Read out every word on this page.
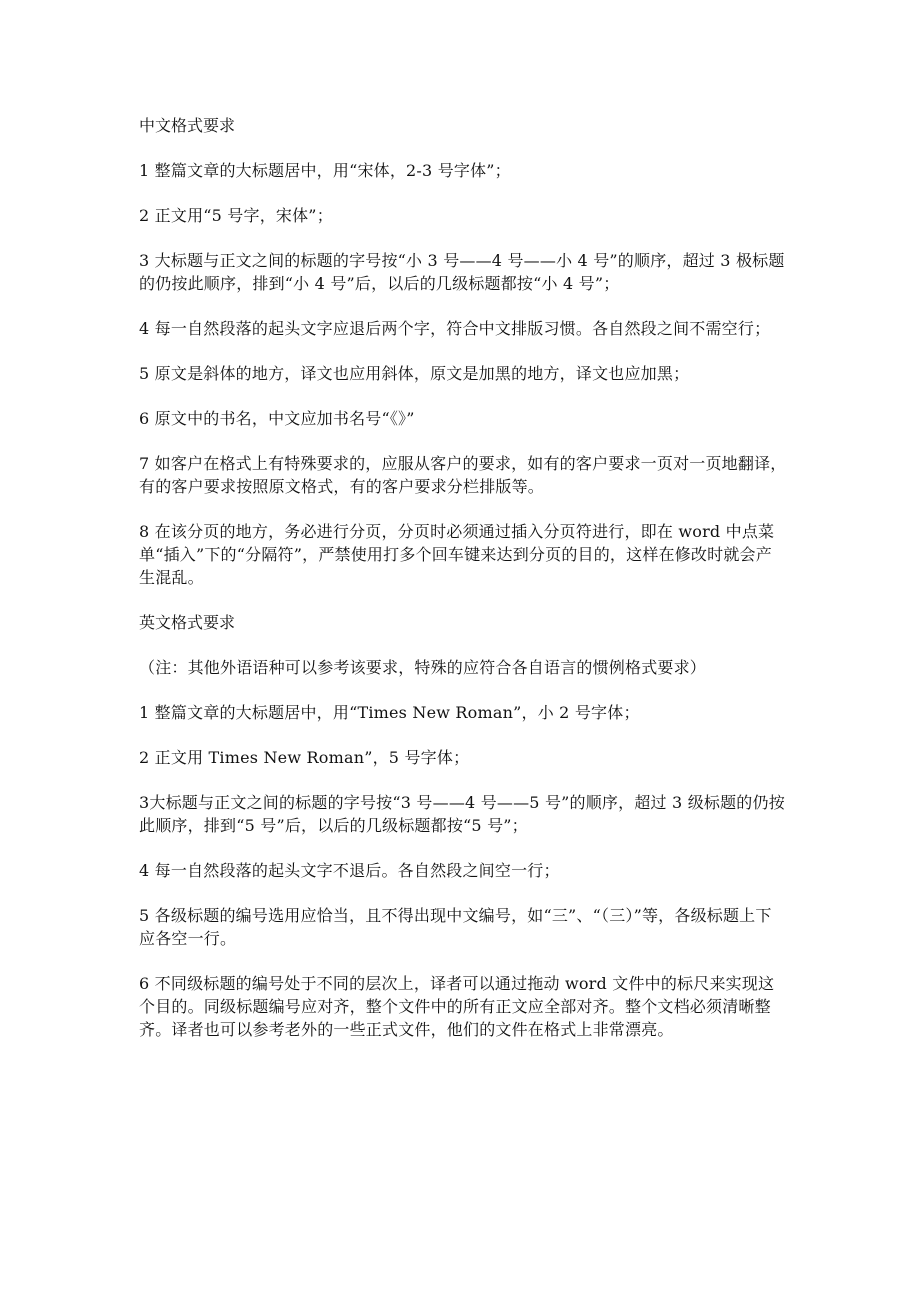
中文格式要求

1 整篇文章的大标题居中，用“宋体，2-3 号字体”；

2 正文用“5 号字，宋体”；

3 大标题与正文之间的标题的字号按“小 3 号——4 号——小 4 号”的顺序，超过 3 极标题的仍按此顺序，排到“小 4 号”后，以后的几级标题都按“小 4 号”；

4 每一自然段落的起头文字应退后两个字，符合中文排版习惯。各自然段之间不需空行；

5 原文是斜体的地方，译文也应用斜体，原文是加黑的地方，译文也应加黑；

6 原文中的书名，中文应加书名号“《》”

7 如客户在格式上有特殊要求的，应服从客户的要求，如有的客户要求一页对一页地翻译，有的客户要求按照原文格式，有的客户要求分栏排版等。

8 在该分页的地方，务必进行分页，分页时必须通过插入分页符进行，即在 word 中点菜单“插入”下的“分隔符”，严禁使用打多个回车键来达到分页的目的，这样在修改时就会产生混乱。

英文格式要求

（注：其他外语语种可以参考该要求，特殊的应符合各自语言的惯例格式要求）

1 整篇文章的大标题居中，用“Times New Roman”，小 2 号字体；

2 正文用 Times New Roman”，5 号字体；

3大标题与正文之间的标题的字号按“3 号——4 号——5 号”的顺序，超过 3 级标题的仍按此顺序，排到“5 号”后，以后的几级标题都按“5 号”；

4 每一自然段落的起头文字不退后。各自然段之间空一行；

5 各级标题的编号选用应恰当，且不得出现中文编号，如“三”、“（三）”等，各级标题上下应各空一行。

6 不同级标题的编号处于不同的层次上，译者可以通过拖动 word 文件中的标尺来实现这个目的。同级标题编号应对齐，整个文件中的所有正文应全部对齐。整个文档必须清晰整齐。译者也可以参考老外的一些正式文件，他们的文件在格式上非常漂亮。
